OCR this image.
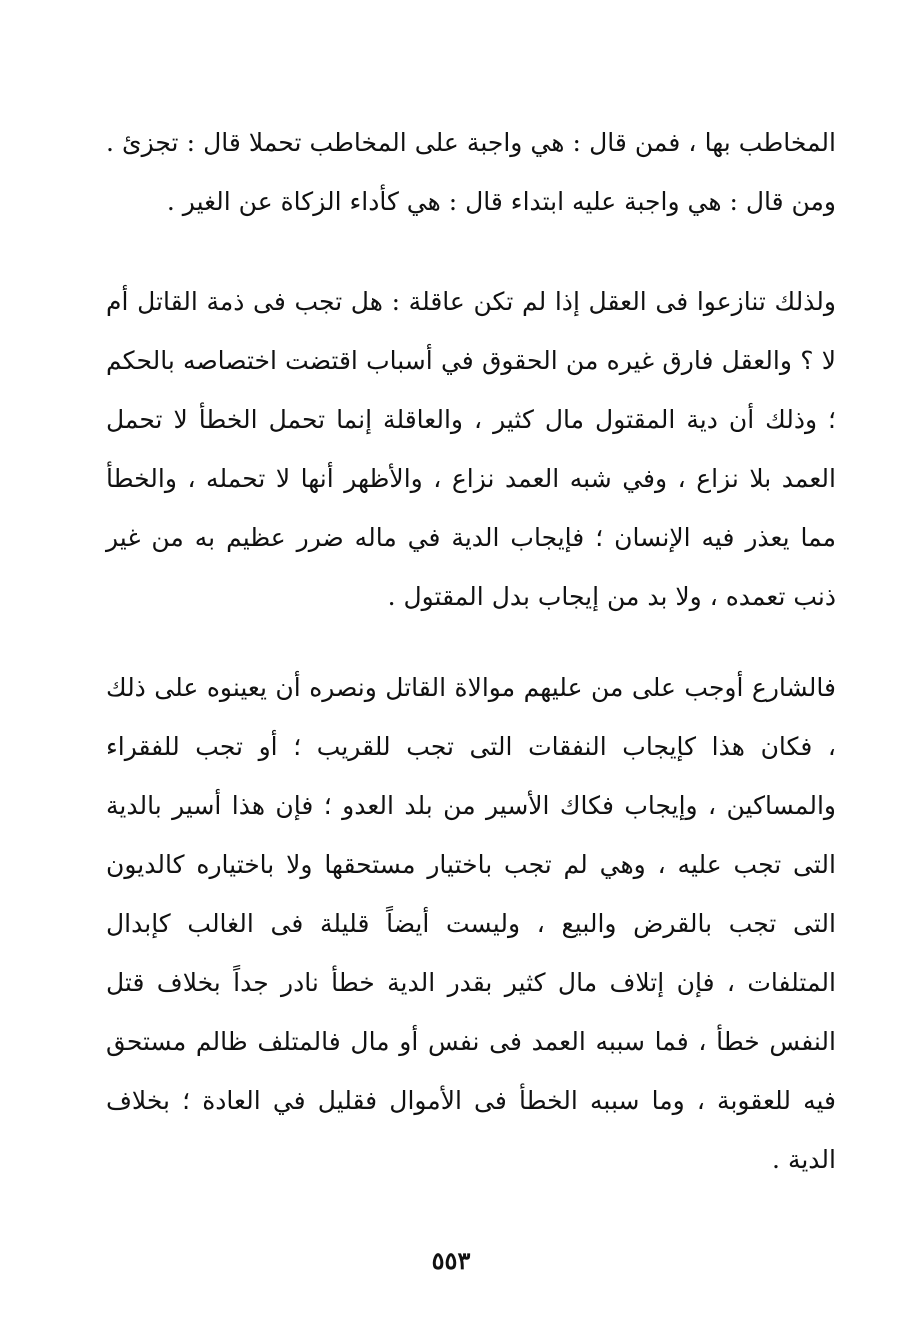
المخاطب بها ، فمن قال : هي واجبة على المخاطب تحملا قال : تجزئ . ومن قال : هي واجبة عليه ابتداء قال : هي كأداء الزكاة عن الغير .

ولذلك تنازعوا فى العقل إذا لم تكن عاقلة : هل تجب فى ذمة القاتل أم لا ؟ والعقل فارق غيره من الحقوق في أسباب اقتضت اختصاصه بالحكم ؛ وذلك أن دية المقتول مال كثير ، والعاقلة إنما تحمل الخطأ لا تحمل العمد بلا نزاع ، وفي شبه العمد نزاع ، والأظهر أنها لا تحمله ، والخطأ مما يعذر فيه الإنسان ؛ فإيجاب الدية في ماله ضرر عظيم به من غير ذنب تعمده ، ولا بد من إيجاب بدل المقتول .

فالشارع أوجب على من عليهم موالاة القاتل ونصره أن يعينوه على ذلك ، فكان هذا كإيجاب النفقات التى تجب للقريب ؛ أو تجب للفقراء والمساكين ، وإيجاب فكاك الأسير من بلد العدو ؛ فإن هذا أسير بالدية التى تجب عليه ، وهي لم تجب باختيار مستحقها ولا باختياره كالديون التى تجب بالقرض والبيع ، وليست أيضاً قليلة فى الغالب كإبدال المتلفات ، فإن إتلاف مال كثير بقدر الدية خطأ نادر جداً بخلاف قتل النفس خطأ ، فما سببه العمد فى نفس أو مال فالمتلف ظالم مستحق فيه للعقوبة ، وما سببه الخطأ فى الأموال فقليل في العادة ؛ بخلاف الدية .

٥٥٣
